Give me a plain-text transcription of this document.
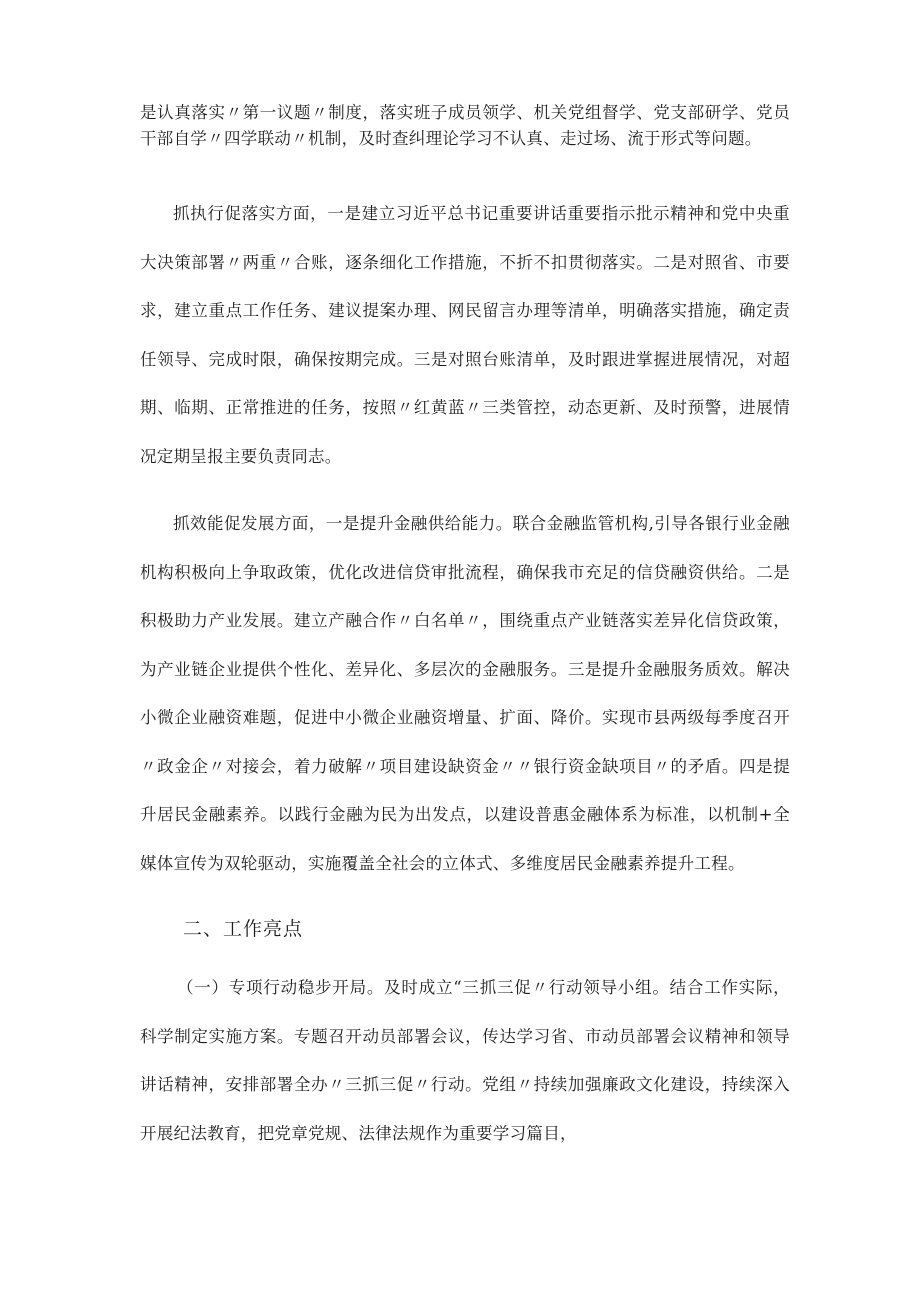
是认真落实〃第一议题〃制度，落实班子成员领学、机关党组督学、党支部研学、党员干部自学〃四学联动〃机制，及时查纠理论学习不认真、走过场、流于形式等问题。

抓执行促落实方面，一是建立习近平总书记重要讲话重要指示批示精神和党中央重大决策部署〃两重〃合账，逐条细化工作措施，不折不扣贯彻落实。二是对照省、市要求，建立重点工作任务、建议提案办理、网民留言办理等清单，明确落实措施，确定责任领导、完成时限，确保按期完成。三是对照台账清单，及时跟进掌握进展情况，对超期、临期、正常推进的任务，按照〃红黄蓝〃三类管控，动态更新、及时预警，进展情况定期呈报主要负责同志。

抓效能促发展方面，一是提升金融供给能力。联合金融监管机构,引导各银行业金融机构积极向上争取政策，优化改进信贷审批流程，确保我市充足的信贷融资供给。二是积极助力产业发展。建立产融合作〃白名单〃，围绕重点产业链落实差异化信贷政策，为产业链企业提供个性化、差异化、多层次的金融服务。三是提升金融服务质效。解决小微企业融资难题，促进中小微企业融资增量、扩面、降价。实现市县两级每季度召开〃政金企〃对接会，着力破解〃项目建设缺资金〃〃银行资金缺项目〃的矛盾。四是提升居民金融素养。以践行金融为民为出发点，以建设普惠金融体系为标准，以机制+全媒体宣传为双轮驱动，实施覆盖全社会的立体式、多维度居民金融素养提升工程。

二、工作亮点

（一）专项行动稳步开局。及时成立“三抓三促〃行动领导小组。结合工作实际，科学制定实施方案。专题召开动员部署会议，传达学习省、市动员部署会议精神和领导讲话精神，安排部署全办〃三抓三促〃行动。党组〃持续加强廉政文化建设，持续深入开展纪法教育，把党章党规、法律法规作为重要学习篇目，
